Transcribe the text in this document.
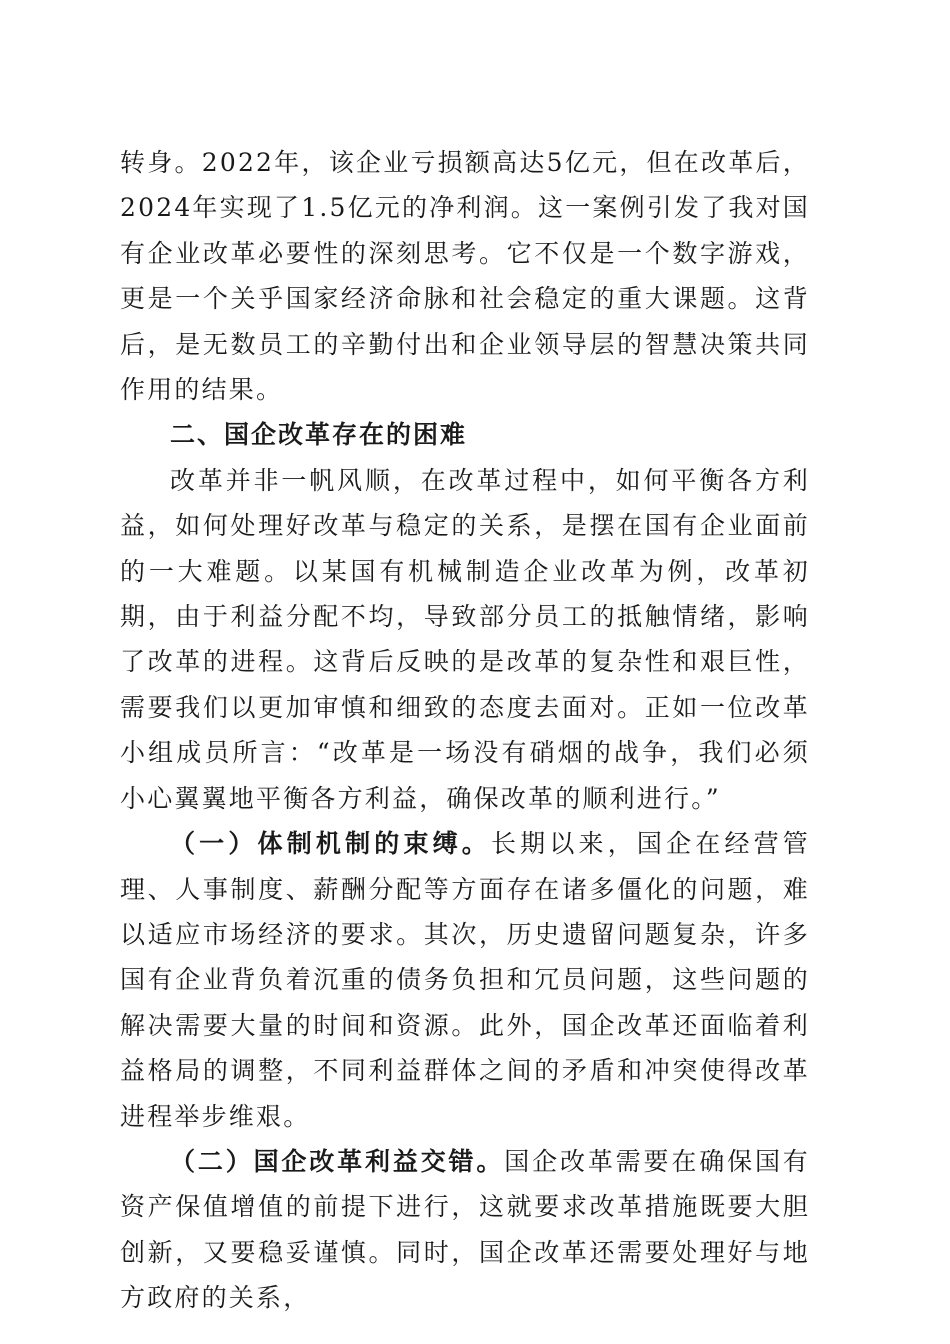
转身。2022年，该企业亏损额高达5亿元，但在改革后，2024年实现了1.5亿元的净利润。这一案例引发了我对国有企业改革必要性的深刻思考。它不仅是一个数字游戏，更是一个关乎国家经济命脉和社会稳定的重大课题。这背后，是无数员工的辛勤付出和企业领导层的智慧决策共同作用的结果。

二、国企改革存在的困难

改革并非一帆风顺，在改革过程中，如何平衡各方利益，如何处理好改革与稳定的关系，是摆在国有企业面前的一大难题。以某国有机械制造企业改革为例，改革初期，由于利益分配不均，导致部分员工的抵触情绪，影响了改革的进程。这背后反映的是改革的复杂性和艰巨性，需要我们以更加审慎和细致的态度去面对。正如一位改革小组成员所言：“改革是一场没有硝烟的战争，我们必须小心翼翼地平衡各方利益，确保改革的顺利进行。”

（一）体制机制的束缚。长期以来，国企在经营管理、人事制度、薪酬分配等方面存在诸多僵化的问题，难以适应市场经济的要求。其次，历史遗留问题复杂，许多国有企业背负着沉重的债务负担和冗员问题，这些问题的解决需要大量的时间和资源。此外，国企改革还面临着利益格局的调整，不同利益群体之间的矛盾和冲突使得改革进程举步维艰。

（二）国企改革利益交错。国企改革需要在确保国有资产保值增值的前提下进行，这就要求改革措施既要大胆创新，又要稳妥谨慎。同时，国企改革还需要处理好与地方政府的关系，
